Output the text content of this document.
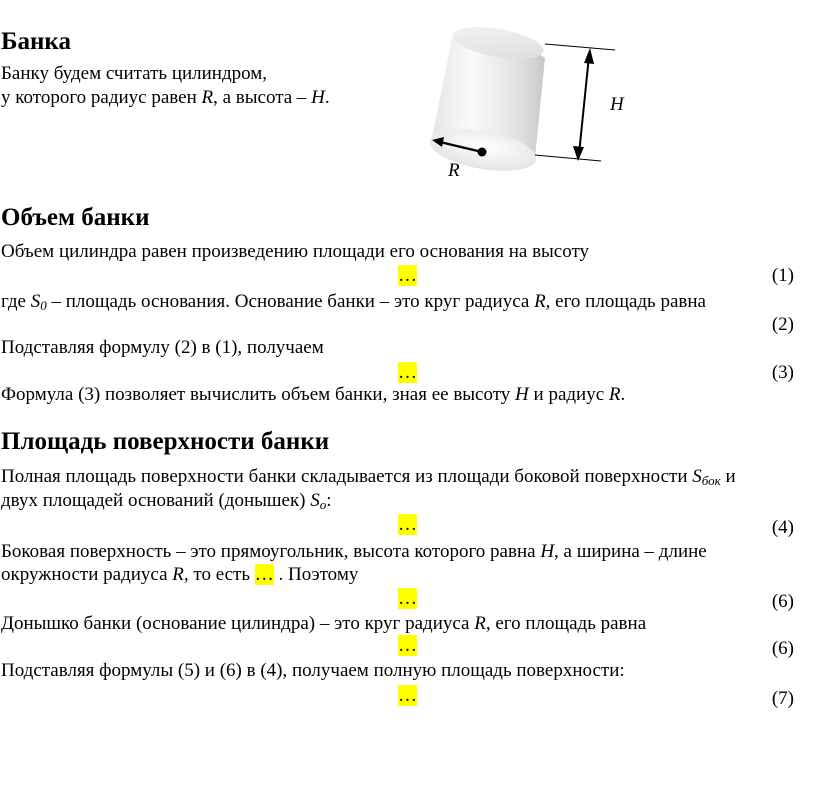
Банка
Банку будем считать цилиндром,
у которого радиус равен R, а высота – H.	H
R
Объем банки
Объем цилиндра равен произведению площади его основания на высоту
…	(1)
где $S_0$ – площадь основания. Основание банки – это круг радиуса R, его площадь равна
(2)
Подставляя формулу (2) в (1), получаем
…	(3)
Формула (3) позволяет вычислить объем банки, зная ее высоту H и радиус R.
Площадь поверхности банки
Полная площадь поверхности банки складывается из площади боковой поверхности $S_{бок}$ и
двух площадей оснований (донышек) $S_о$:
…	(4)
Боковая поверхность – это прямоугольник, высота которого равна H, а ширина – длине
окружности радиуса R, то есть … . Поэтому
…	(6)
Донышко банки (основание цилиндра) – это круг радиуса R, его площадь равна
…	(6)
Подставляя формулы (5) и (6) в (4), получаем полную площадь поверхности:
…	(7)
